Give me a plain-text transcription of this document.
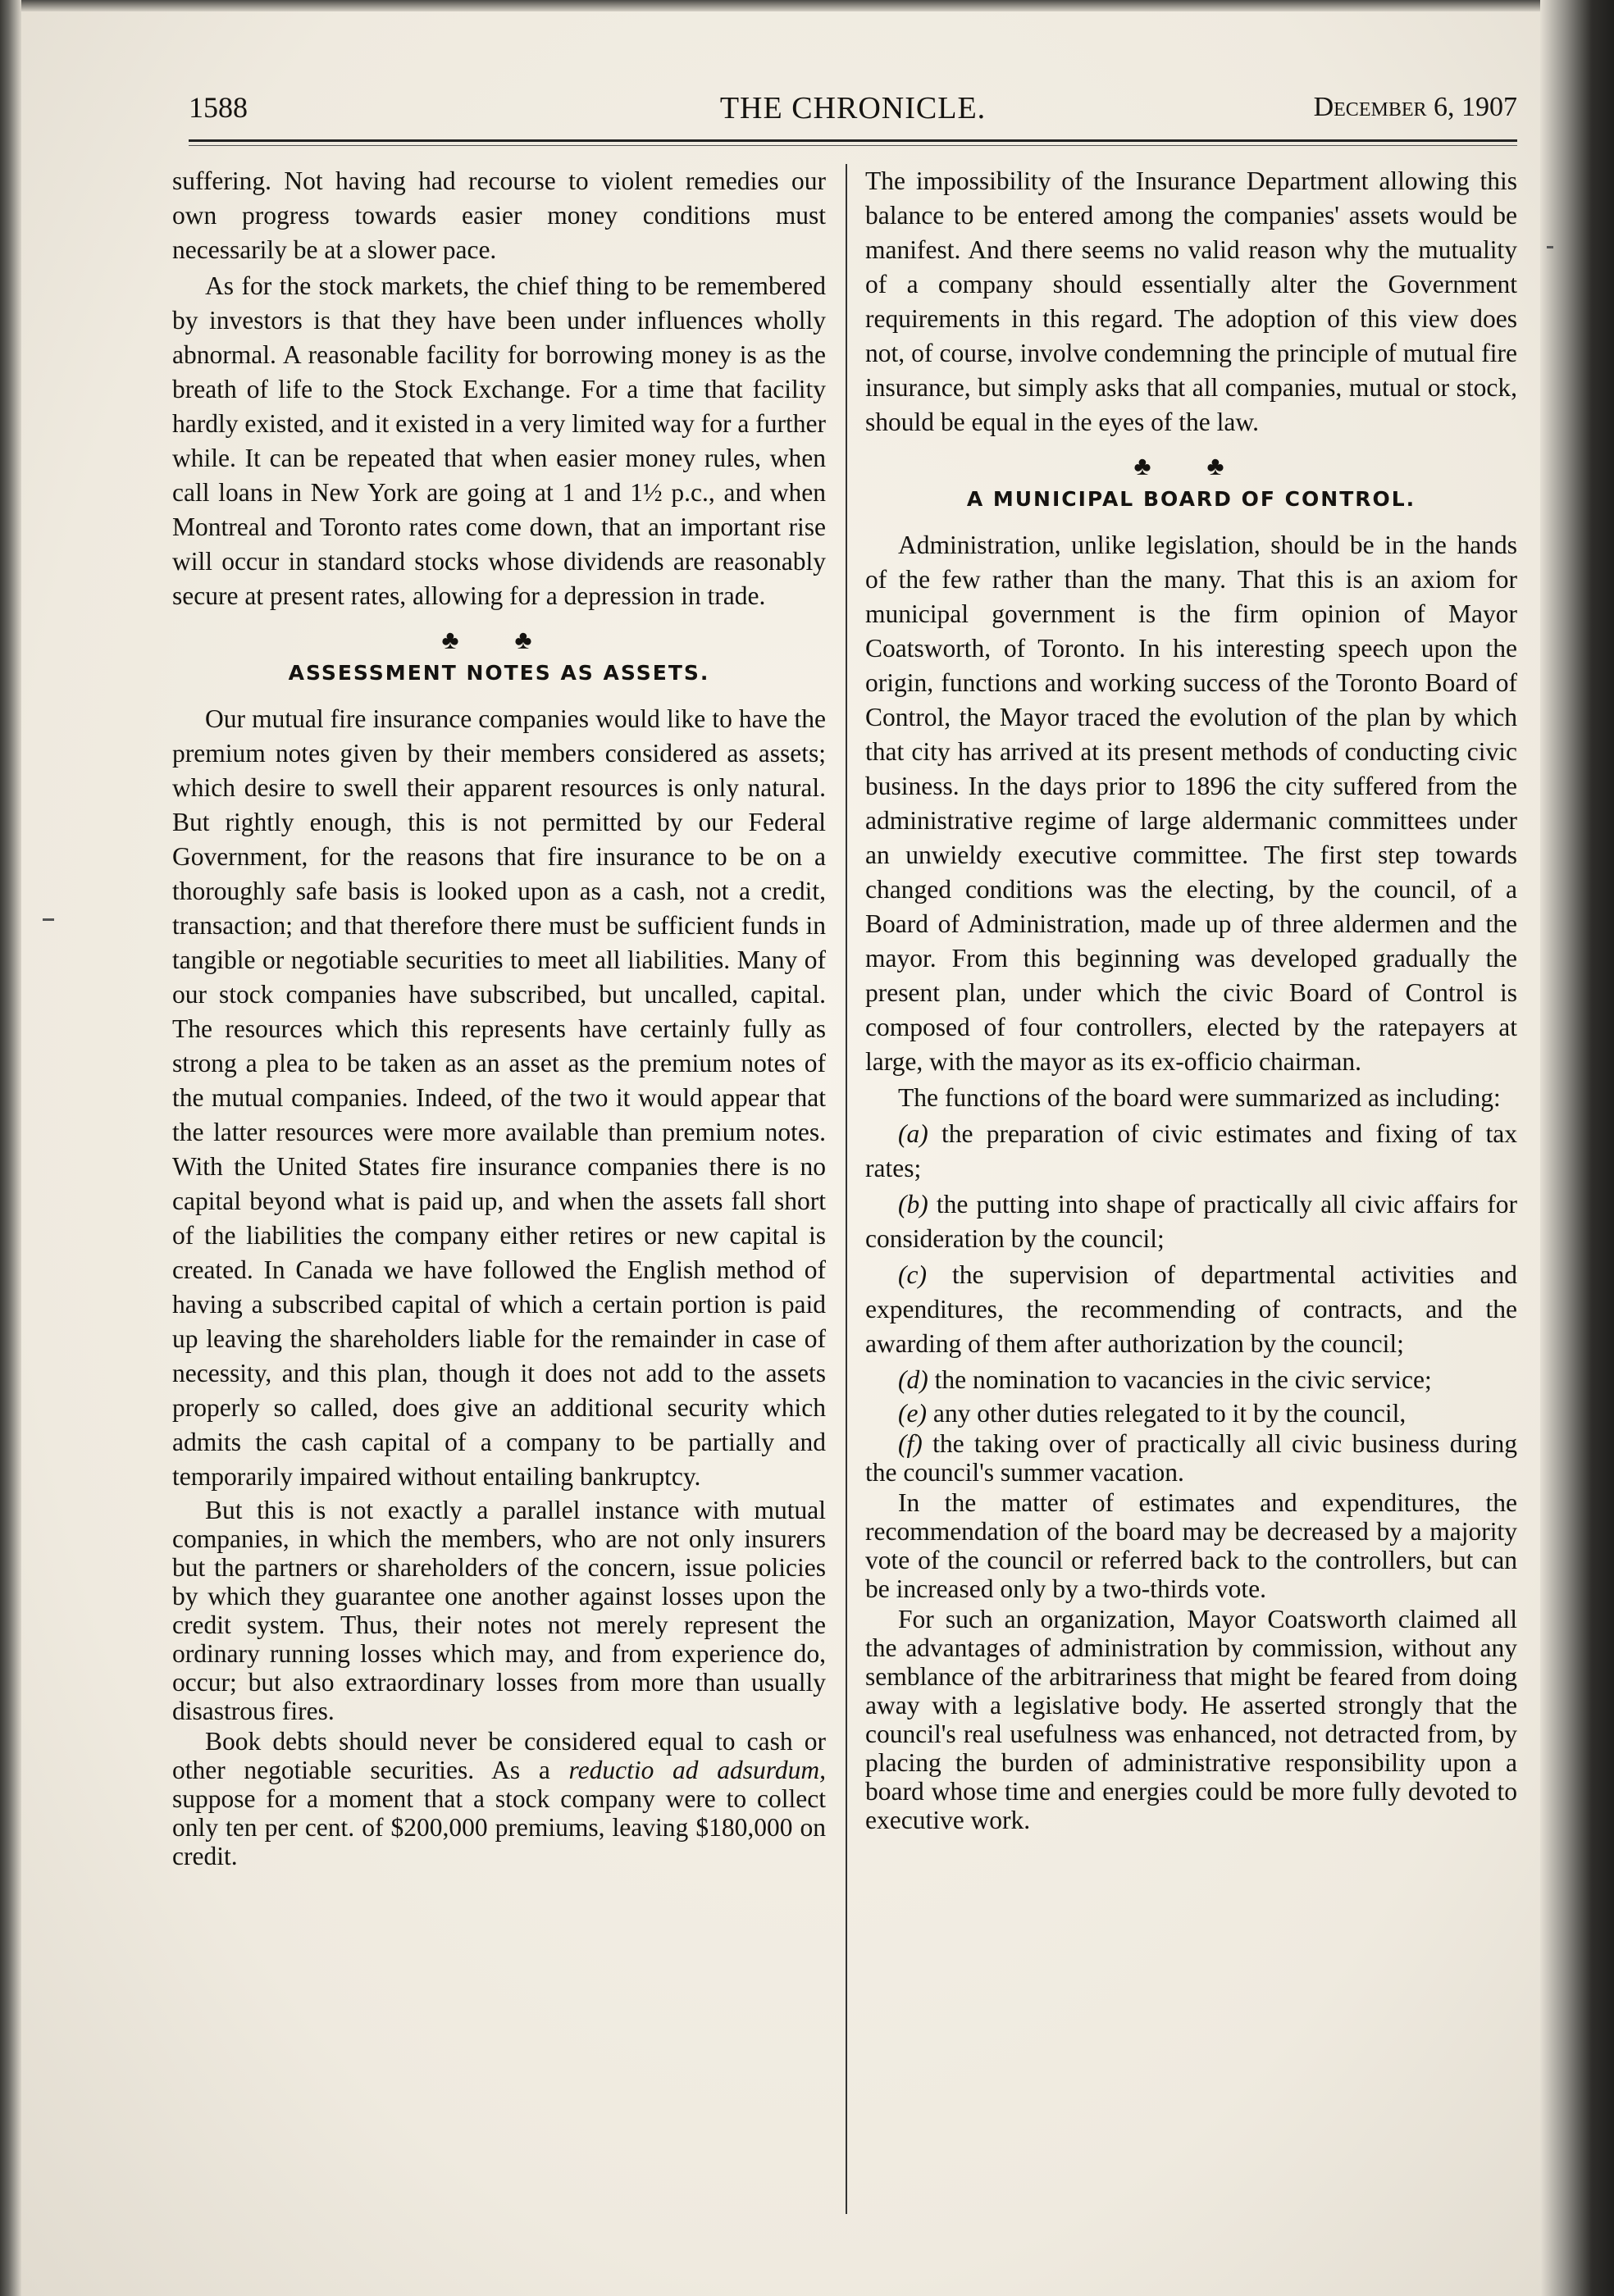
1588	THE CHRONICLE.	December 6, 1907

suffering. Not having had recourse to violent remedies our own progress towards easier money conditions must necessarily be at a slower pace.

As for the stock markets, the chief thing to be remembered by investors is that they have been under influences wholly abnormal. A reasonable facility for borrowing money is as the breath of life to the Stock Exchange. For a time that facility hardly existed, and it existed in a very limited way for a further while. It can be repeated that when easier money rules, when call loans in New York are going at 1 and 1½ p.c., and when Montreal and Toronto rates come down, that an important rise will occur in standard stocks whose dividends are reasonably secure at present rates, allowing for a depression in trade.

♣ ♣
ASSESSMENT NOTES AS ASSETS.

Our mutual fire insurance companies would like to have the premium notes given by their members considered as assets; which desire to swell their apparent resources is only natural. But rightly enough, this is not permitted by our Federal Government, for the reasons that fire insurance to be on a thoroughly safe basis is looked upon as a cash, not a credit, transaction; and that therefore there must be sufficient funds in tangible or negotiable securities to meet all liabilities. Many of our stock companies have subscribed, but uncalled, capital. The resources which this represents have certainly fully as strong a plea to be taken as an asset as the premium notes of the mutual companies. Indeed, of the two it would appear that the latter resources were more available than premium notes. With the United States fire insurance companies there is no capital beyond what is paid up, and when the assets fall short of the liabilities the company either retires or new capital is created. In Canada we have followed the English method of having a subscribed capital of which a certain portion is paid up leaving the shareholders liable for the remainder in case of necessity, and this plan, though it does not add to the assets properly so called, does give an additional security which admits the cash capital of a company to be partially and temporarily impaired without entailing bankruptcy.

But this is not exactly a parallel instance with mutual companies, in which the members, who are not only insurers but the partners or shareholders of the concern, issue policies by which they guarantee one another against losses upon the credit system. Thus, their notes not merely represent the ordinary running losses which may, and from experience do, occur; but also extraordinary losses from more than usually disastrous fires.

Book debts should never be considered equal to cash or other negotiable securities. As a reductio ad adsurdum, suppose for a moment that a stock company were to collect only ten per cent. of $200,000 premiums, leaving $180,000 on credit.

The impossibility of the Insurance Department allowing this balance to be entered among the companies' assets would be manifest. And there seems no valid reason why the mutuality of a company should essentially alter the Government requirements in this regard. The adoption of this view does not, of course, involve condemning the principle of mutual fire insurance, but simply asks that all companies, mutual or stock, should be equal in the eyes of the law.

♣ ♣
A MUNICIPAL BOARD OF CONTROL.

Administration, unlike legislation, should be in the hands of the few rather than the many. That this is an axiom for municipal government is the firm opinion of Mayor Coatsworth, of Toronto. In his interesting speech upon the origin, functions and working success of the Toronto Board of Control, the Mayor traced the evolution of the plan by which that city has arrived at its present methods of conducting civic business. In the days prior to 1896 the city suffered from the administrative regime of large aldermanic committees under an unwieldy executive committee. The first step towards changed conditions was the electing, by the council, of a Board of Administration, made up of three aldermen and the mayor. From this beginning was developed gradually the present plan, under which the civic Board of Control is composed of four controllers, elected by the ratepayers at large, with the mayor as its ex-officio chairman.

The functions of the board were summarized as including:

(a) the preparation of civic estimates and fixing of tax rates;

(b) the putting into shape of practically all civic affairs for consideration by the council;

(c) the supervision of departmental activities and expenditures, the recommending of contracts, and the awarding of them after authorization by the council;

(d) the nomination to vacancies in the civic service;

(e) any other duties relegated to it by the council,

(f) the taking over of practically all civic business during the council's summer vacation.

In the matter of estimates and expenditures, the recommendation of the board may be decreased by a majority vote of the council or referred back to the controllers, but can be increased only by a two-thirds vote.

For such an organization, Mayor Coatsworth claimed all the advantages of administration by commission, without any semblance of the arbitrariness that might be feared from doing away with a legislative body. He asserted strongly that the council's real usefulness was enhanced, not detracted from, by placing the burden of administrative responsibility upon a board whose time and energies could be more fully devoted to executive work.
